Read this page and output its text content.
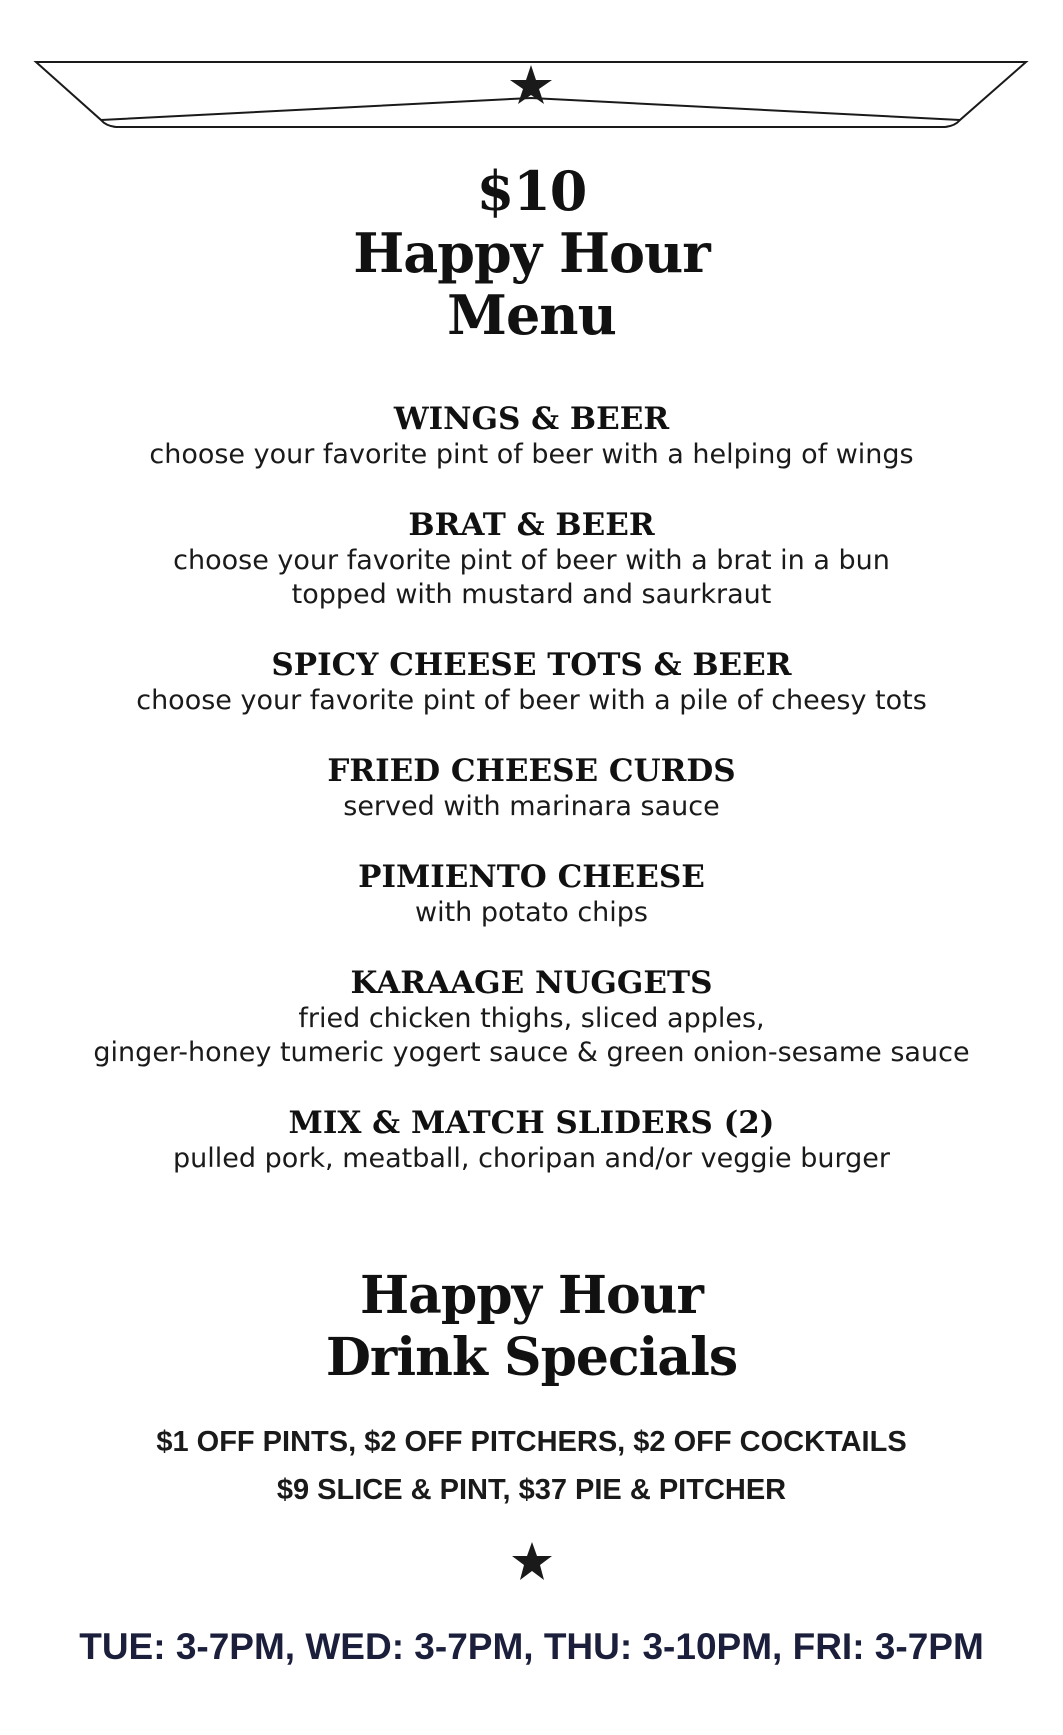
$10
Happy Hour
Menu
WINGS & BEER
choose your favorite pint of beer with a helping of wings
BRAT & BEER
choose your favorite pint of beer with a brat in a bun
topped with mustard and saurkraut
SPICY CHEESE TOTS & BEER
choose your favorite pint of beer with a pile of cheesy tots
FRIED CHEESE CURDS
served with marinara sauce
PIMIENTO CHEESE
with potato chips
KARAAGE NUGGETS
fried chicken thighs, sliced apples,
ginger-honey tumeric yogert sauce & green onion-sesame sauce
MIX & MATCH SLIDERS (2)
pulled pork, meatball, choripan and/or veggie burger
Happy Hour
Drink Specials
$1 OFF PINTS, $2 OFF PITCHERS, $2 OFF COCKTAILS
$9 SLICE & PINT, $37 PIE & PITCHER
TUE: 3-7PM, WED: 3-7PM, THU: 3-10PM, FRI: 3-7PM
